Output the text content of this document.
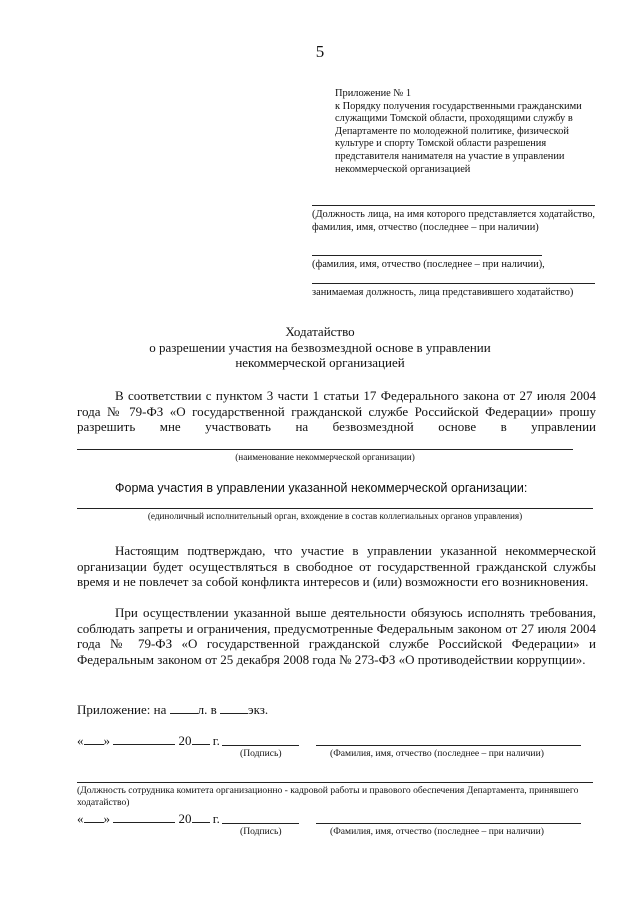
5
Приложение № 1
к Порядку получения государственными гражданскими
служащими Томской области, проходящими службу в
Департаменте по молодежной политике, физической
культуре и спорту Томской области разрешения
представителя нанимателя на участие в управлении
некоммерческой организацией
(Должность лица, на имя которого представляется ходатайство, фамилия, имя, отчество (последнее – при наличии)
(фамилия, имя, отчество (последнее – при наличии),
занимаемая должность, лица представившего ходатайство)
Ходатайство
о разрешении участия на безвозмездной основе в управлении
некоммерческой организацией
В соответствии с пунктом 3 части 1 статьи 17 Федерального закона от 27 июля 2004 года № 79-ФЗ «О государственной гражданской службе Российской Федерации» прошу разрешить мне участвовать на безвозмездной основе в управлении
(наименование некоммерческой организации)
Форма участия в управлении указанной некоммерческой организации:
(единоличный исполнительный орган, вхождение в состав коллегиальных органов управления)
Настоящим подтверждаю, что участие в управлении указанной некоммерческой организации будет осуществляться в свободное от государственной гражданской службы время и не повлечет за собой конфликта интересов и (или) возможности его возникновения.
При осуществлении указанной выше деятельности обязуюсь исполнять требования, соблюдать запреты и ограничения, предусмотренные Федеральным законом от 27 июля 2004 года № 79-ФЗ «О государственной гражданской службе Российской Федерации» и Федеральным законом от 25 декабря 2008 года № 273-ФЗ «О противодействии коррупции».
Приложение: на л. в экз.
« »	20 г.
(Подпись)	(Фамилия, имя, отчество (последнее – при наличии)
(Должность сотрудника комитета организационно - кадровой работы и правового обеспечения Департамента, принявшего ходатайство)
« »	20 г.
(Подпись)	(Фамилия, имя, отчество (последнее – при наличии)
